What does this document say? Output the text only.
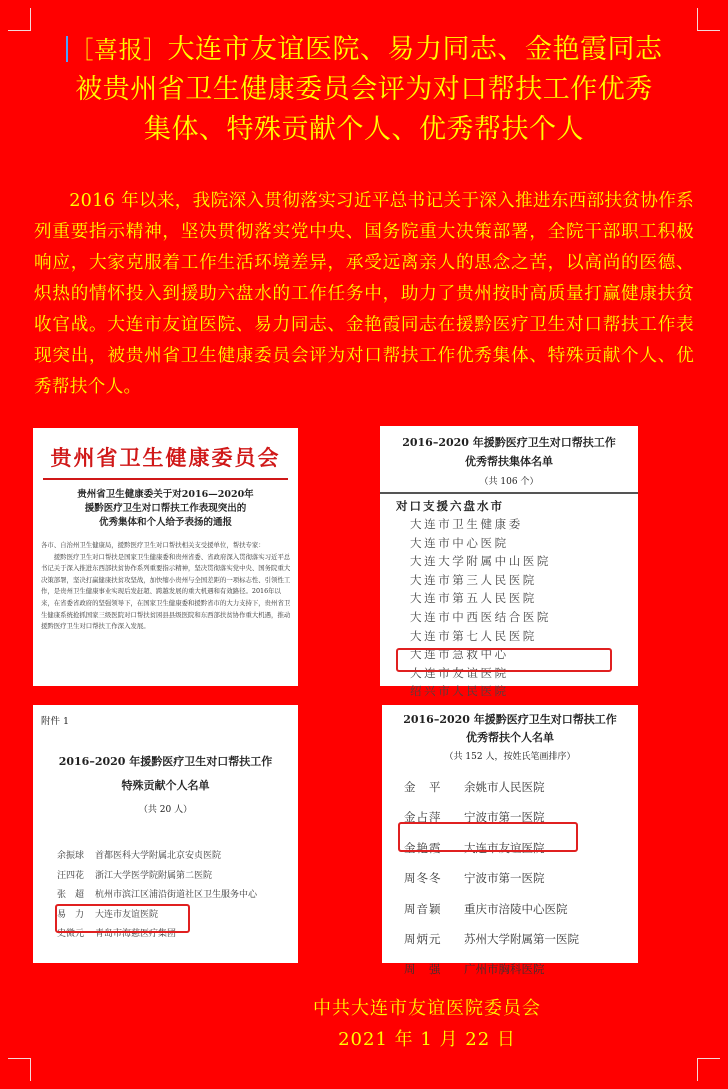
［喜报］大连市友谊医院、易力同志、金艳霞同志
被贵州省卫生健康委员会评为对口帮扶工作优秀
集体、特殊贡献个人、优秀帮扶个人
2016 年以来，我院深入贯彻落实习近平总书记关于深入推进东西部扶贫协作系列重要指示精神，坚决贯彻落实党中央、国务院重大决策部署，全院干部职工积极响应，大家克服着工作生活环境差异，承受远离亲人的思念之苦，以高尚的医德、炽热的情怀投入到援助六盘水的工作任务中，助力了贵州按时高质量打赢健康扶贫收官战。大连市友谊医院、易力同志、金艳霞同志在援黔医疗卫生对口帮扶工作表现突出，被贵州省卫生健康委员会评为对口帮扶工作优秀集体、特殊贡献个人、优秀帮扶个人。
贵州省卫生健康委员会
贵州省卫生健康委关于对2016—2020年
援黔医疗卫生对口帮扶工作表现突出的
优秀集体和个人给予表扬的通报

各市、自治州卫生健康局，援黔医疗卫生对口帮扶相关支受援单位，帮扶专家：

援黔医疗卫生对口帮扶是国家卫生健康委和贵州省委、省政府深入贯彻落实习近平总书记关于深入推进东西部扶贫协作系列重要指示精神，坚决贯彻落实党中央、国务院重大决策部署，坚决打赢健康扶贫攻坚战，加快缩小贵州与全国差距的一项标志性、引领性工作，是贵州卫生健康事业实现后发赶超、跨越发展的重大机遇和有效路径。2016年以来，在省委省政府的坚强领导下，在国家卫生健康委和援黔省市的大力支持下，贵州省卫生健康系统抢抓国家三级医院对口帮扶贫困县县级医院和东西部扶贫协作重大机遇，推动援黔医疗卫生对口帮扶工作深入发展。

2016–2020 年援黔医疗卫生对口帮扶工作
优秀帮扶集体名单
（共 106 个）
对口支援六盘水市
大连市卫生健康委
大连市中心医院
大连大学附属中山医院
大连市第三人民医院
大连市第五人民医院
大连市中西医结合医院
大连市第七人民医院
大连市急救中心
大连市友谊医院
绍兴市人民医院
附件 1
2016–2020 年援黔医疗卫生对口帮扶工作
特殊贡献个人名单
（共 20 人）
余振球 首都医科大学附属北京安贞医院
汪四花 浙江大学医学院附属第二医院
张　超 杭州市滨江区浦沿街道社区卫生服务中心
易　力 大连市友谊医院
史微元 青岛市海慈医疗集团
2016–2020 年援黔医疗卫生对口帮扶工作
优秀帮扶个人名单
（共 152 人，按姓氏笔画排序）
金　平 余姚市人民医院
金占萍 宁波市第一医院
金艳霞 大连市友谊医院
周冬冬 宁波市第一医院
周音颖 重庆市涪陵中心医院
周炳元 苏州大学附属第一医院
周　强 广州市胸科医院
中共大连市友谊医院委员会
2021 年 1 月 22 日
